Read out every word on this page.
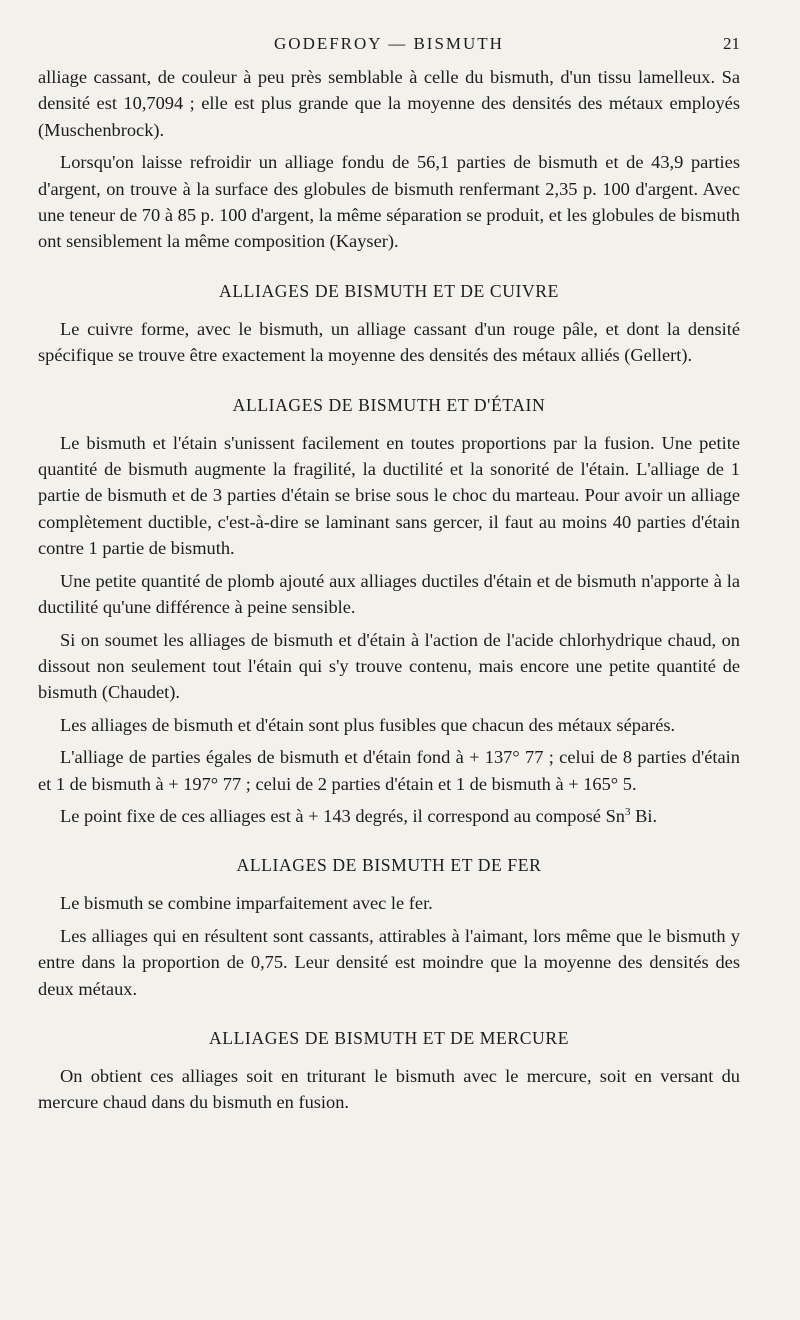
GODEFROY — BISMUTH	21

alliage cassant, de couleur à peu près semblable à celle du bismuth, d'un tissu lamelleux. Sa densité est 10,7094 ; elle est plus grande que la moyenne des densités des métaux employés (Muschenbrock).

Lorsqu'on laisse refroidir un alliage fondu de 56,1 parties de bismuth et de 43,9 parties d'argent, on trouve à la surface des globules de bismuth renfermant 2,35 p. 100 d'argent. Avec une teneur de 70 à 85 p. 100 d'argent, la même séparation se produit, et les globules de bismuth ont sensiblement la même composition (Kayser).

ALLIAGES DE BISMUTH ET DE CUIVRE

Le cuivre forme, avec le bismuth, un alliage cassant d'un rouge pâle, et dont la densité spécifique se trouve être exactement la moyenne des densités des métaux alliés (Gellert).

ALLIAGES DE BISMUTH ET D'ÉTAIN

Le bismuth et l'étain s'unissent facilement en toutes proportions par la fusion. Une petite quantité de bismuth augmente la fragilité, la ductilité et la sonorité de l'étain. L'alliage de 1 partie de bismuth et de 3 parties d'étain se brise sous le choc du marteau. Pour avoir un alliage complètement ductible, c'est-à-dire se laminant sans gercer, il faut au moins 40 parties d'étain contre 1 partie de bismuth.

Une petite quantité de plomb ajouté aux alliages ductiles d'étain et de bismuth n'apporte à la ductilité qu'une différence à peine sensible.

Si on soumet les alliages de bismuth et d'étain à l'action de l'acide chlorhydrique chaud, on dissout non seulement tout l'étain qui s'y trouve contenu, mais encore une petite quantité de bismuth (Chaudet).

Les alliages de bismuth et d'étain sont plus fusibles que chacun des métaux séparés.

L'alliage de parties égales de bismuth et d'étain fond à + 137° 77 ; celui de 8 parties d'étain et 1 de bismuth à + 197° 77 ; celui de 2 parties d'étain et 1 de bismuth à + 165° 5.

Le point fixe de ces alliages est à + 143 degrés, il correspond au composé Sn$^3$ Bi.

ALLIAGES DE BISMUTH ET DE FER

Le bismuth se combine imparfaitement avec le fer.

Les alliages qui en résultent sont cassants, attirables à l'aimant, lors même que le bismuth y entre dans la proportion de 0,75. Leur densité est moindre que la moyenne des densités des deux métaux.

ALLIAGES DE BISMUTH ET DE MERCURE

On obtient ces alliages soit en triturant le bismuth avec le mercure, soit en versant du mercure chaud dans du bismuth en fusion.
